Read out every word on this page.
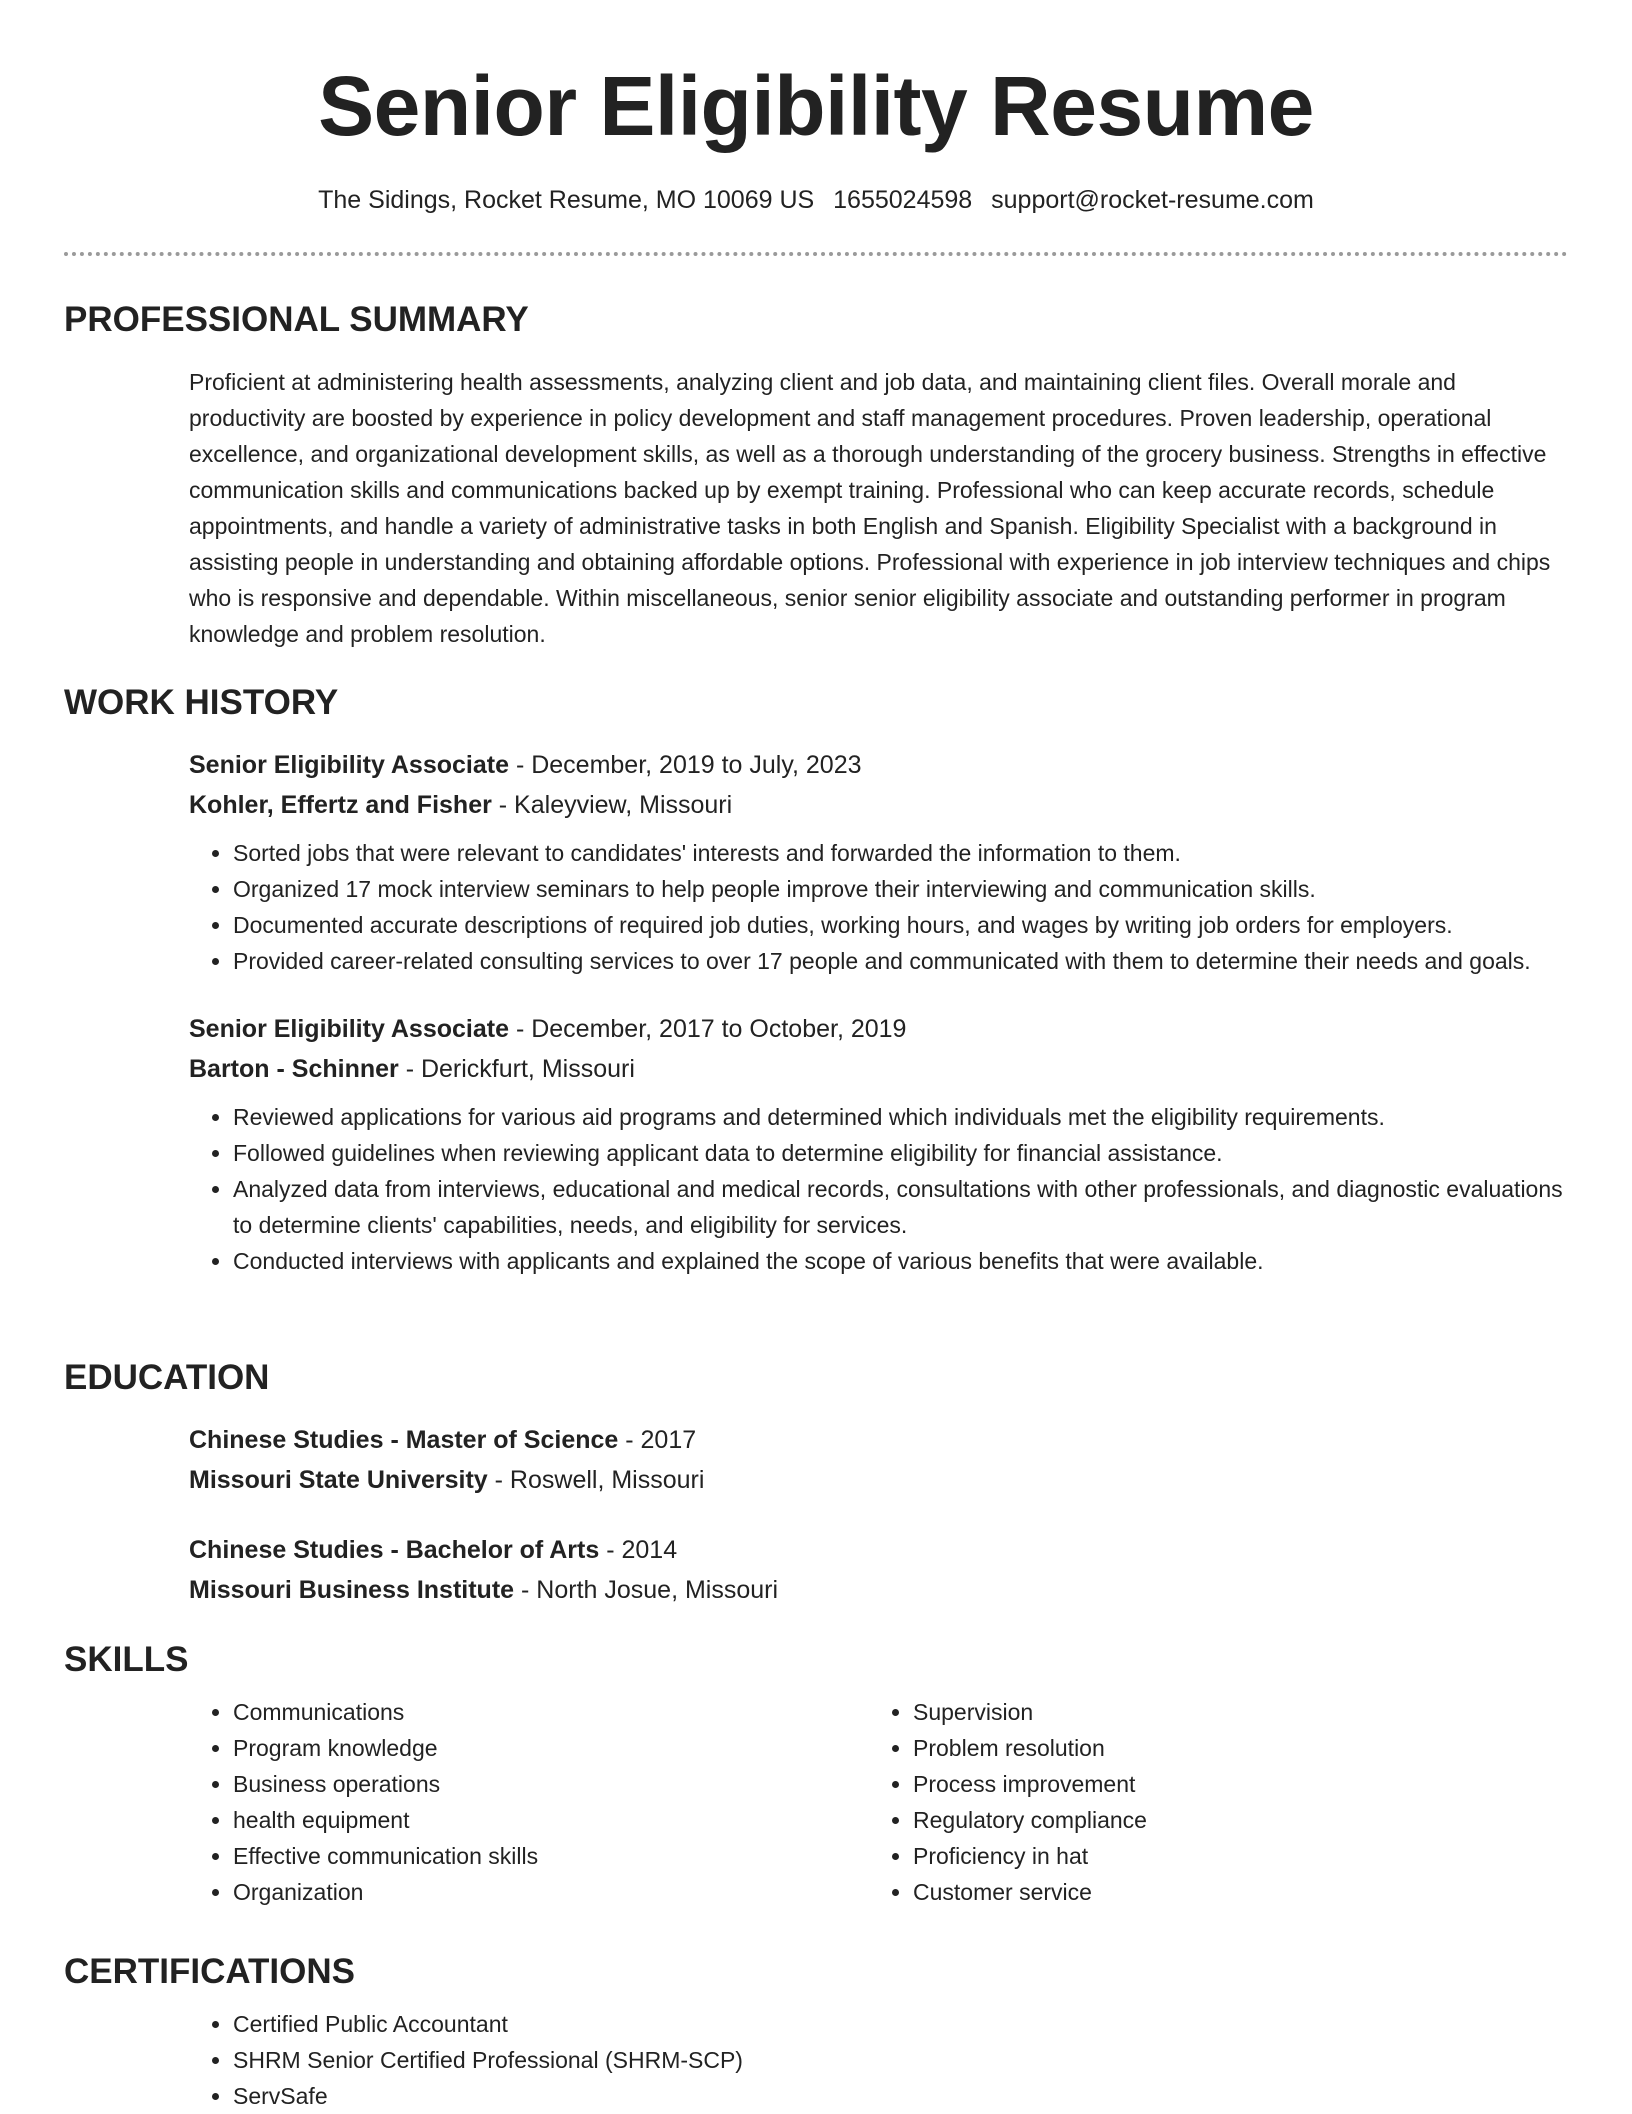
Senior Eligibility Resume
The Sidings, Rocket Resume, MO 10069 US 1655024598 support@rocket-resume.com
PROFESSIONAL SUMMARY

Proficient at administering health assessments, analyzing client and job data, and maintaining client files. Overall morale and productivity are boosted by experience in policy development and staff management procedures. Proven leadership, operational excellence, and organizational development skills, as well as a thorough understanding of the grocery business. Strengths in effective communication skills and communications backed up by exempt training. Professional who can keep accurate records, schedule appointments, and handle a variety of administrative tasks in both English and Spanish. Eligibility Specialist with a background in assisting people in understanding and obtaining affordable options. Professional with experience in job interview techniques and chips who is responsive and dependable. Within miscellaneous, senior senior eligibility associate and outstanding performer in program knowledge and problem resolution.

WORK HISTORY

Senior Eligibility Associate - December, 2019 to July, 2023

Kohler, Effertz and Fisher - Kaleyview, Missouri

• Sorted jobs that were relevant to candidates' interests and forwarded the information to them.
• Organized 17 mock interview seminars to help people improve their interviewing and communication skills.
• Documented accurate descriptions of required job duties, working hours, and wages by writing job orders for employers.
• Provided career-related consulting services to over 17 people and communicated with them to determine their needs and goals.

Senior Eligibility Associate - December, 2017 to October, 2019

Barton - Schinner - Derickfurt, Missouri

• Reviewed applications for various aid programs and determined which individuals met the eligibility requirements.
• Followed guidelines when reviewing applicant data to determine eligibility for financial assistance.
• Analyzed data from interviews, educational and medical records, consultations with other professionals, and diagnostic evaluations to determine clients' capabilities, needs, and eligibility for services.
• Conducted interviews with applicants and explained the scope of various benefits that were available.
EDUCATION

Chinese Studies - Master of Science - 2017

Missouri State University - Roswell, Missouri

Chinese Studies - Bachelor of Arts - 2014

Missouri Business Institute - North Josue, Missouri

SKILLS
• Communications
• Program knowledge
• Business operations
• health equipment
• Effective communication skills
• Organization
• Supervision
• Problem resolution
• Process improvement
• Regulatory compliance
• Proficiency in hat
• Customer service
CERTIFICATIONS
• Certified Public Accountant
• SHRM Senior Certified Professional (SHRM-SCP)
• ServSafe
